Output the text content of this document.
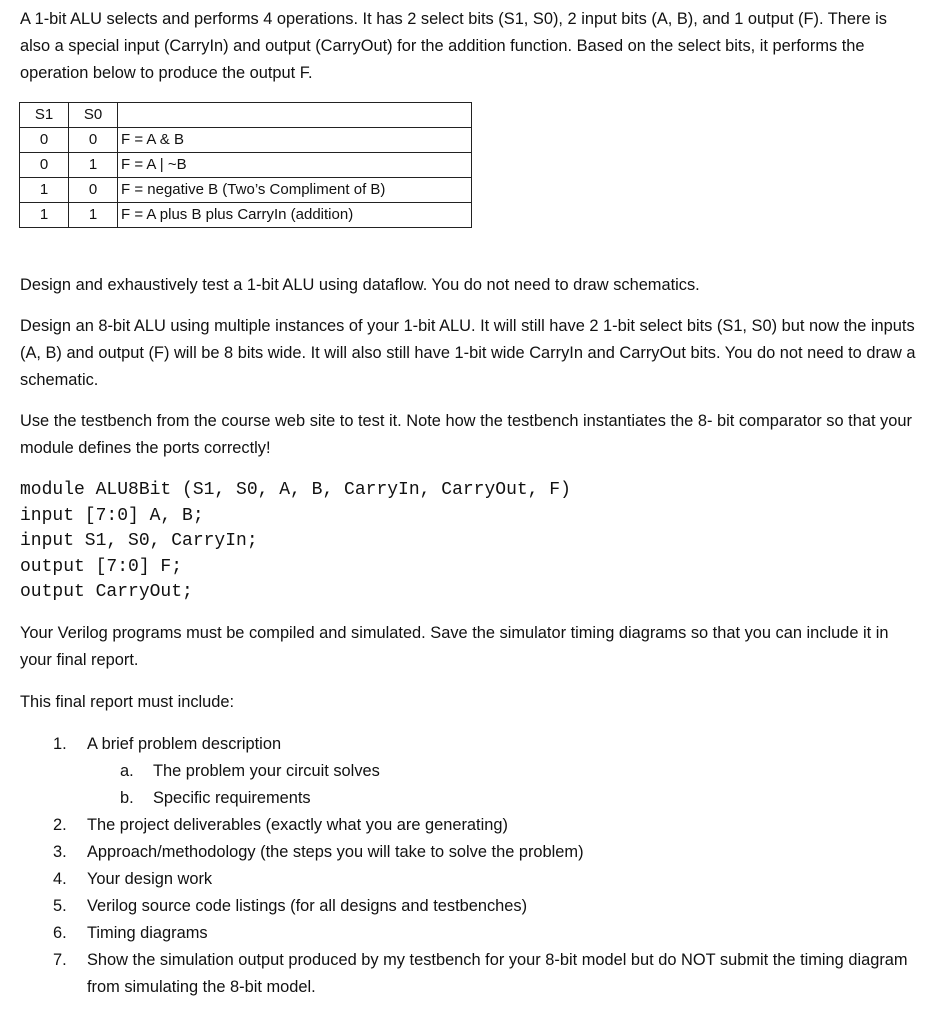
A 1-bit ALU selects and performs 4 operations. It has 2 select bits (S1, S0), 2 input bits (A, B), and 1 output (F). There is also a special input (CarryIn) and output (CarryOut) for the addition function. Based on the select bits, it performs the operation below to produce the output F.

S1	S0	
0	0	F = A & B
0	1	F = A | ~B
1	0	F = negative B (Two’s Compliment of B)
1	1	F = A plus B plus CarryIn (addition)

Design and exhaustively test a 1-bit ALU using dataflow. You do not need to draw schematics.

Design an 8-bit ALU using multiple instances of your 1-bit ALU. It will still have 2 1-bit select bits (S1, S0) but now the inputs (A, B) and output (F) will be 8 bits wide. It will also still have 1-bit wide CarryIn and CarryOut bits. You do not need to draw a schematic.

Use the testbench from the course web site to test it. Note how the testbench instantiates the 8- bit comparator so that your module defines the ports correctly!

module ALU8Bit (S1, S0, A, B, CarryIn, CarryOut, F)
input [7:0] A, B;
input S1, S0, CarryIn;
output [7:0] F;
output CarryOut;

Your Verilog programs must be compiled and simulated. Save the simulator timing diagrams so that you can include it in your final report.

This final report must include:

1. A brief problem description
a. The problem your circuit solves
b. Specific requirements
2. The project deliverables (exactly what you are generating)
3. Approach/methodology (the steps you will take to solve the problem)
4. Your design work
5. Verilog source code listings (for all designs and testbenches)
6. Timing diagrams
7. Show the simulation output produced by my testbench for your 8-bit model but do NOT submit the timing diagram from simulating the 8-bit model.
